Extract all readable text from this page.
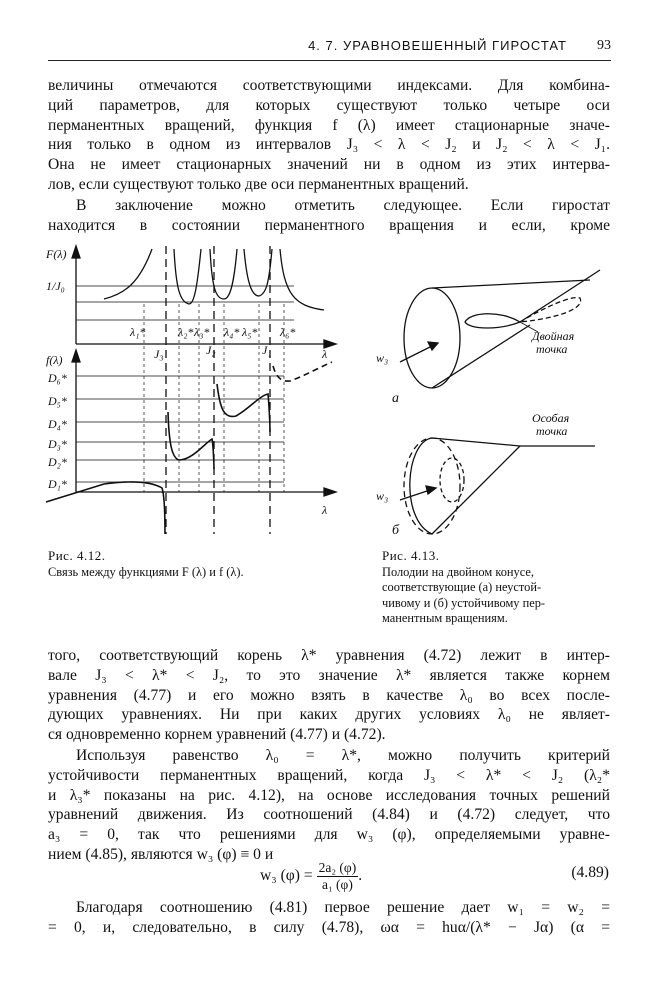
4. 7. УРАВНОВЕШЕННЫЙ ГИРОСТАТ 93

величины отмечаются соответствующими индексами. Для комбина-
ций параметров, для которых существуют только четыре оси
перманентных вращений, функция f (λ) имеет стационарные значе-
ния только в одном из интервалов J₃ < λ < J₂ и J₂ < λ < J₁.
Она не имеет стационарных значений ни в одном из этих интерва-
лов, если существуют только две оси перманентных вращений.

В заключение можно отметить следующее. Если гиростат
находится в состоянии перманентного вращения и если, кроме

F(λ)
1/J₀
λ
f(λ)
λ
λ₁*	λ₂* λ₃* λ₄* λ₅* λ₆*
J₃	J₂	J₁
D₆*
D₅*
D₄*
D₃*
D₂*
D₁*
Двойная
точка
Особая
точка
w₃
w₃
а
б

Рис. 4.12.
Связь между функциями F (λ) и f (λ).

Рис. 4.13.
Полодии на двойном конусе,
соответствующие (а) неустой-
чивому и (б) устойчивому пер-
манентным вращениям.

того, соответствующий корень λ* уравнения (4.72) лежит в интер-
вале J₃ < λ* < J₂, то это значение λ* является также корнем
уравнения (4.77) и его можно взять в качестве λ₀ во всех после-
дующих уравнениях. Ни при каких других условиях λ₀ не являет-
ся одновременно корнем уравнений (4.77) и (4.72).

Используя равенство λ₀ = λ*, можно получить критерий
устойчивости перманентных вращений, когда J₃ < λ* < J₂ (λ₂*
и λ₃* показаны на рис. 4.12), на основе исследования точных решений
уравнений движения. Из соотношений (4.84) и (4.72) следует, что
a₃ = 0, так что решениями для w₃ (φ), определяемыми уравне-
нием (4.85), являются w₃ (φ) ≡ 0 и

w₃ $(\varphi) = \frac{\text{2a₂ (φ)}}{\text{a₁ (φ)}}$ .	(4.89)

Благодаря соотношению (4.81) первое решение дает w₁ = w₂ =
= 0, и, следовательно, в силу (4.78), ωα = huα/(λ* − Jα) (α =
